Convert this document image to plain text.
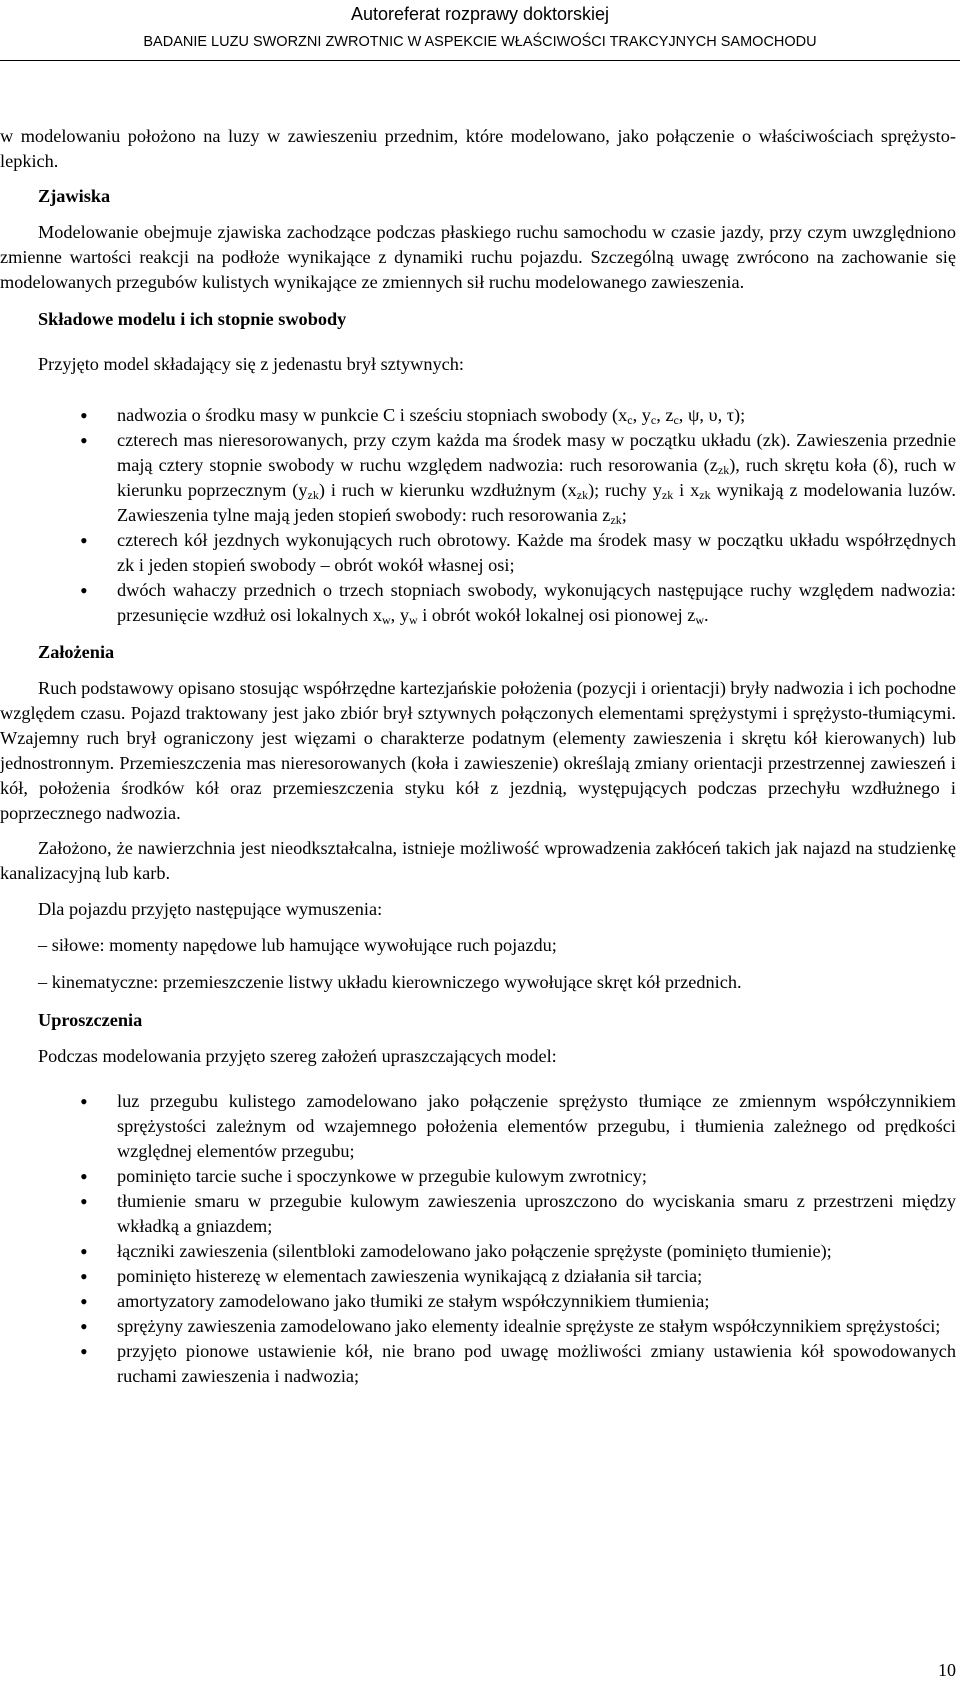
Autoreferat rozprawy doktorskiej
BADANIE LUZU SWORZNI ZWROTNIC W ASPEKCIE WŁAŚCIWOŚCI TRAKCYJNYCH SAMOCHODU

w modelowaniu położono na luzy w zawieszeniu przednim, które modelowano, jako połączenie o właściwościach sprężysto-lepkich.

Zjawiska

Modelowanie obejmuje zjawiska zachodzące podczas płaskiego ruchu samochodu w czasie jazdy, przy czym uwzględniono zmienne wartości reakcji na podłoże wynikające z dynamiki ruchu pojazdu. Szczególną uwagę zwrócono na zachowanie się modelowanych przegubów kulistych wynikające ze zmiennych sił ruchu modelowanego zawieszenia.

Składowe modelu i ich stopnie swobody

Przyjęto model składający się z jedenastu brył sztywnych:

• nadwozia o środku masy w punkcie C i sześciu stopniach swobody ($x_c$, $y_c$, $z_c$, ψ, υ, τ);
• czterech mas nieresorowanych, przy czym każda ma środek masy w początku układu (zk). Zawieszenia przednie mają cztery stopnie swobody w ruchu względem nadwozia: ruch resorowania $(z_{zk})$, ruch skrętu koła (δ), ruch w kierunku poprzecznym $(y_{zk})$ i ruch w kierunku wzdłużnym $(x_{zk})$; ruchy $y_{zk}$ i $x_{zk}$ wynikają z modelowania luzów. Zawieszenia tylne mają jeden stopień swobody: ruch resorowania $z_{zk}$;
• czterech kół jezdnych wykonujących ruch obrotowy. Każde ma środek masy w początku układu współrzędnych zk i jeden stopień swobody – obrót wokół własnej osi;
• dwóch wahaczy przednich o trzech stopniach swobody, wykonujących następujące ruchy względem nadwozia: przesunięcie wzdłuż osi lokalnych $x_w$, $y_w$ i obrót wokół lokalnej osi pionowej $z_w$.

Założenia

Ruch podstawowy opisano stosując współrzędne kartezjańskie położenia (pozycji i orientacji) bryły nadwozia i ich pochodne względem czasu. Pojazd traktowany jest jako zbiór brył sztywnych połączonych elementami sprężystymi i sprężysto-tłumiącymi. Wzajemny ruch brył ograniczony jest więzami o charakterze podatnym (elementy zawieszenia i skrętu kół kierowanych) lub jednostronnym. Przemieszczenia mas nieresorowanych (koła i zawieszenie) określają zmiany orientacji przestrzennej zawieszeń i kół, położenia środków kół oraz przemieszczenia styku kół z jezdnią, występujących podczas przechyłu wzdłużnego i poprzecznego nadwozia.

Założono, że nawierzchnia jest nieodkształcalna, istnieje możliwość wprowadzenia zakłóceń takich jak najazd na studzienkę kanalizacyjną lub karb.

Dla pojazdu przyjęto następujące wymuszenia:

– siłowe: momenty napędowe lub hamujące wywołujące ruch pojazdu;
– kinematyczne: przemieszczenie listwy układu kierowniczego wywołujące skręt kół przednich.

Uproszczenia

Podczas modelowania przyjęto szereg założeń upraszczających model:

• luz przegubu kulistego zamodelowano jako połączenie sprężysto tłumiące ze zmiennym współczynnikiem sprężystości zależnym od wzajemnego położenia elementów przegubu, i tłumienia zależnego od prędkości względnej elementów przegubu;
• pominięto tarcie suche i spoczynkowe w przegubie kulowym zwrotnicy;
• tłumienie smaru w przegubie kulowym zawieszenia uproszczono do wyciskania smaru z przestrzeni między wkładką a gniazdem;
• łączniki zawieszenia (silentbloki zamodelowano jako połączenie sprężyste (pominięto tłumienie);
• pominięto histerezę w elementach zawieszenia wynikającą z działania sił tarcia;
• amortyzatory zamodelowano jako tłumiki ze stałym współczynnikiem tłumienia;
• sprężyny zawieszenia zamodelowano jako elementy idealnie sprężyste ze stałym współczynnikiem sprężystości;
• przyjęto pionowe ustawienie kół, nie brano pod uwagę możliwości zmiany ustawienia kół spowodowanych ruchami zawieszenia i nadwozia;
10
